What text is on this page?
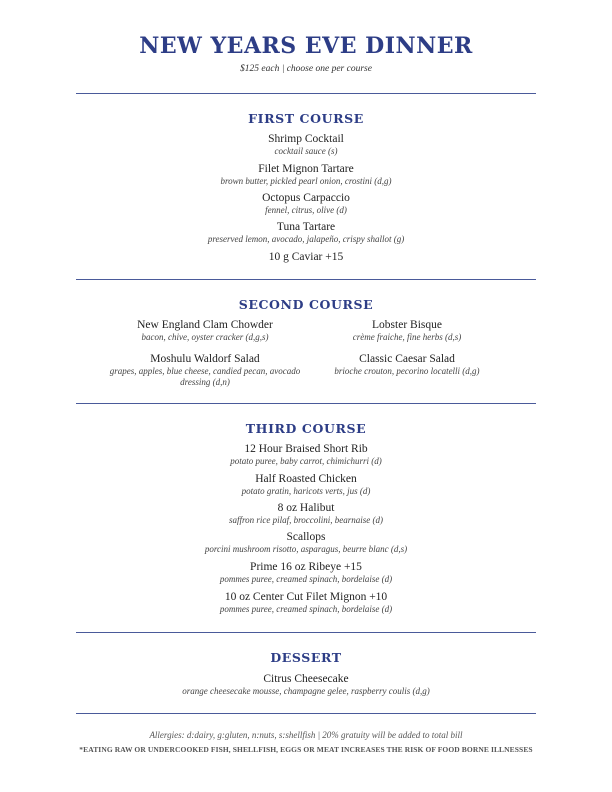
NEW YEARS EVE DINNER
$125 each | choose one per course
FIRST COURSE
Shrimp Cocktail
cocktail sauce (s)
Filet Mignon Tartare
brown butter, pickled pearl onion, crostini (d,g)
Octopus Carpaccio
fennel, citrus, olive (d)
Tuna Tartare
preserved lemon, avocado, jalapeño, crispy shallot (g)
10 g Caviar +15
SECOND COURSE
New England Clam Chowder
bacon, chive, oyster cracker (d,g,s)
Lobster Bisque
crème fraiche, fine herbs (d,s)
Moshulu Waldorf Salad
grapes, apples, blue cheese, candied pecan, avocado dressing (d,n)
Classic Caesar Salad
brioche crouton, pecorino locatelli (d,g)
THIRD COURSE
12 Hour Braised Short Rib
potato puree, baby carrot, chimichurri (d)
Half Roasted Chicken
potato gratin, haricots verts, jus (d)
8 oz Halibut
saffron rice pilaf, broccolini, bearnaise (d)
Scallops
porcini mushroom risotto, asparagus, beurre blanc (d,s)
Prime 16 oz Ribeye +15
pommes puree, creamed spinach, bordelaise (d)
10 oz Center Cut Filet Mignon +10
pommes puree, creamed spinach, bordelaise (d)
DESSERT
Citrus Cheesecake
orange cheesecake mousse, champagne gelee, raspberry coulis (d,g)
Allergies: d:dairy, g:gluten, n:nuts, s:shellfish | 20% gratuity will be added to total bill
*EATING RAW OR UNDERCOOKED FISH, SHELLFISH, EGGS OR MEAT INCREASES THE RISK OF FOOD BORNE ILLNESSES
